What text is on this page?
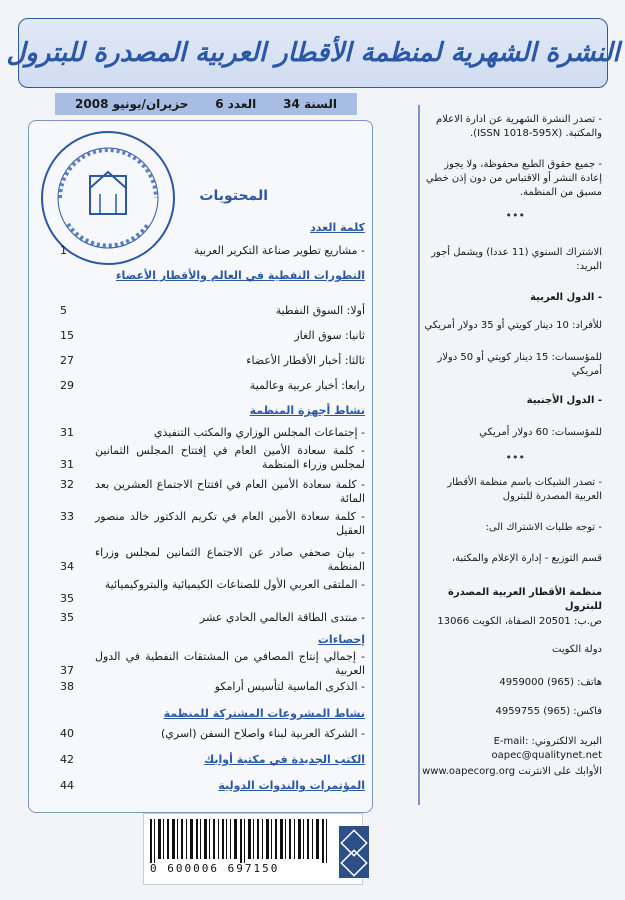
النشرة الشهرية لمنظمة الأقطار العربية المصدرة للبترول
السنة 34
العدد 6
حزيران/يونيو 2008
المحتويات
كلمة العدد
- مشاريع تطوير صناعة التكرير العربية
1
التطورات النفطية في العالم والأقطار الأعضاء
أولا: السوق النفطية
5
ثانيا: سوق الغاز
15
ثالثا: أخبار الأقطار الأعضاء
27
رابعا: أخبار عربية وعالمية
29
نشاط أجهزة المنظمة
- إجتماعات المجلس الوزاري والمكتب التنفيذي
31
- كلمة سعادة الأمين العام في إفتتاح المجلس الثمانين لمجلس وزراء المنظمة
31
- كلمة سعادة الأمين العام في افتتاح الاجتماع العشرين بعد المائة
32
- كلمة سعادة الأمين العام في تكريم الدكتور خالد منصور العقيل
33
- بيان صحفي صادر عن الاجتماع الثمانين لمجلس وزراء المنظمة
34
- الملتقى العربي الأول للصناعات الكيميائية والبتروكيميائية
35
- منتدى الطاقة العالمي الحادي عشر
35
إحصاءات
- إجمالي إنتاج المصافي من المشتقات النفطية في الدول العربية
37
- الذكرى الماسية لتأسيس أرامكو
38
نشاط المشروعات المشتركة للمنظمة
- الشركة العربية لبناء واصلاح السفن (اسري)
40
الكتب الجديدة في مكتبة أوابك
42
المؤتمرات والندوات الدولية
44
0 600006 697150
- تصدر النشرة الشهرية عن ادارة الاعلام والمكتبة. (ISSN 1018-595X).
- جميع حقوق الطبع محفوظة، ولا يجوز إعادة النشر أو الاقتباس من دون إذن خطي مسبق من المنظمة.
•••
الاشتراك السنوي (11 عددا) ويشمل أجور البريد:
- الدول العربية
للأفراد: 10 دينار كويتي أو 35 دولار أمريكي
للمؤسسات: 15 دينار كويتي أو 50 دولار أمريكي
- الدول الأجنبية
للمؤسسات: 60 دولار أمريكي
•••
- تصدر الشيكات باسم منظمة الأقطار العربية المصدرة للبترول
- توجه طلبات الاشتراك الى:
قسم التوزيع - إدارة الإعلام والمكتبة،
منظمة الأقطار العربية المصدرة للبترول
ص.ب: 20501 الصفاة، الكويت 13066
دولة الكويت
هاتف: (965) 4959000
فاكس: (965) 4959755
البريد الالكتروني: E-mail: oapec@qualitynet.net
الأوابك على الانترنت www.oapecorg.org
